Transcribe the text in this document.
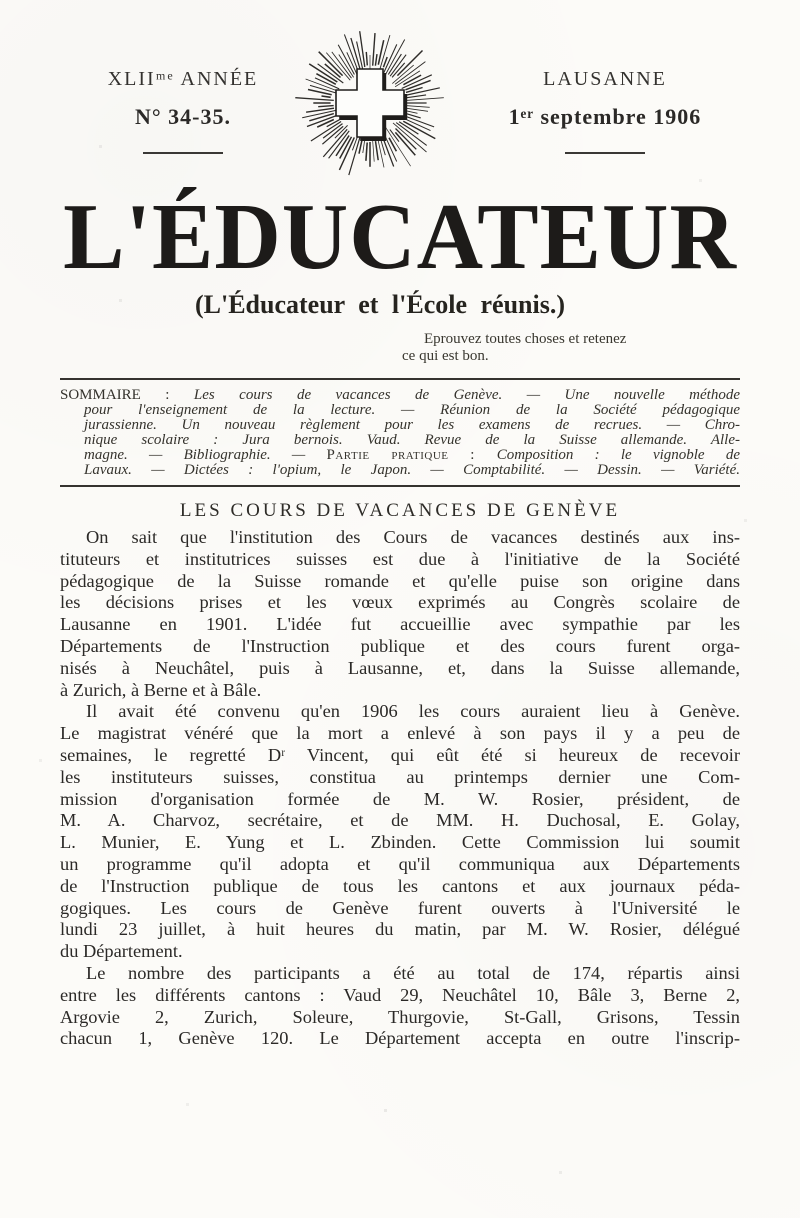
XLIIᵐᵉ ANNÉE
N° 34-35.
LAUSANNE
1ᵉʳ septembre 1906
L'ÉDUCATEUR
(L'Éducateur et l'École réunis.)
Eprouvez toutes choses et retenez
ce qui est bon.
SOMMAIRE : Les cours de vacances de Genève. — Une nouvelle méthode
pour l'enseignement de la lecture. — Réunion de la Société pédagogique
jurassienne. Un nouveau règlement pour les examens de recrues. — Chro-
nique scolaire : Jura bernois. Vaud. Revue de la Suisse allemande. Alle-
magne. — Bibliographie. — Partie pratique : Composition : le vignoble de
Lavaux. — Dictées : l'opium, le Japon. — Comptabilité. — Dessin. — Variété.
LES COURS DE VACANCES DE GENÈVE
On sait que l'institution des Cours de vacances destinés aux ins-
tituteurs et institutrices suisses est due à l'initiative de la Société
pédagogique de la Suisse romande et qu'elle puise son origine dans
les décisions prises et les vœux exprimés au Congrès scolaire de
Lausanne en 1901. L'idée fut accueillie avec sympathie par les
Départements de l'Instruction publique et des cours furent orga-
nisés à Neuchâtel, puis à Lausanne, et, dans la Suisse allemande,
à Zurich, à Berne et à Bâle.
Il avait été convenu qu'en 1906 les cours auraient lieu à Genève.
Le magistrat vénéré que la mort a enlevé à son pays il y a peu de
semaines, le regretté Dʳ Vincent, qui eût été si heureux de recevoir
les instituteurs suisses, constitua au printemps dernier une Com-
mission d'organisation formée de M. W. Rosier, président, de
M. A. Charvoz, secrétaire, et de MM. H. Duchosal, E. Golay,
L. Munier, E. Yung et L. Zbinden. Cette Commission lui soumit
un programme qu'il adopta et qu'il communiqua aux Départements
de l'Instruction publique de tous les cantons et aux journaux péda-
gogiques. Les cours de Genève furent ouverts à l'Université le
lundi 23 juillet, à huit heures du matin, par M. W. Rosier, délégué
du Département.
Le nombre des participants a été au total de 174, répartis ainsi
entre les différents cantons : Vaud 29, Neuchâtel 10, Bâle 3, Berne 2,
Argovie 2, Zurich, Soleure, Thurgovie, St-Gall, Grisons, Tessin
chacun 1, Genève 120. Le Département accepta en outre l'inscrip-
